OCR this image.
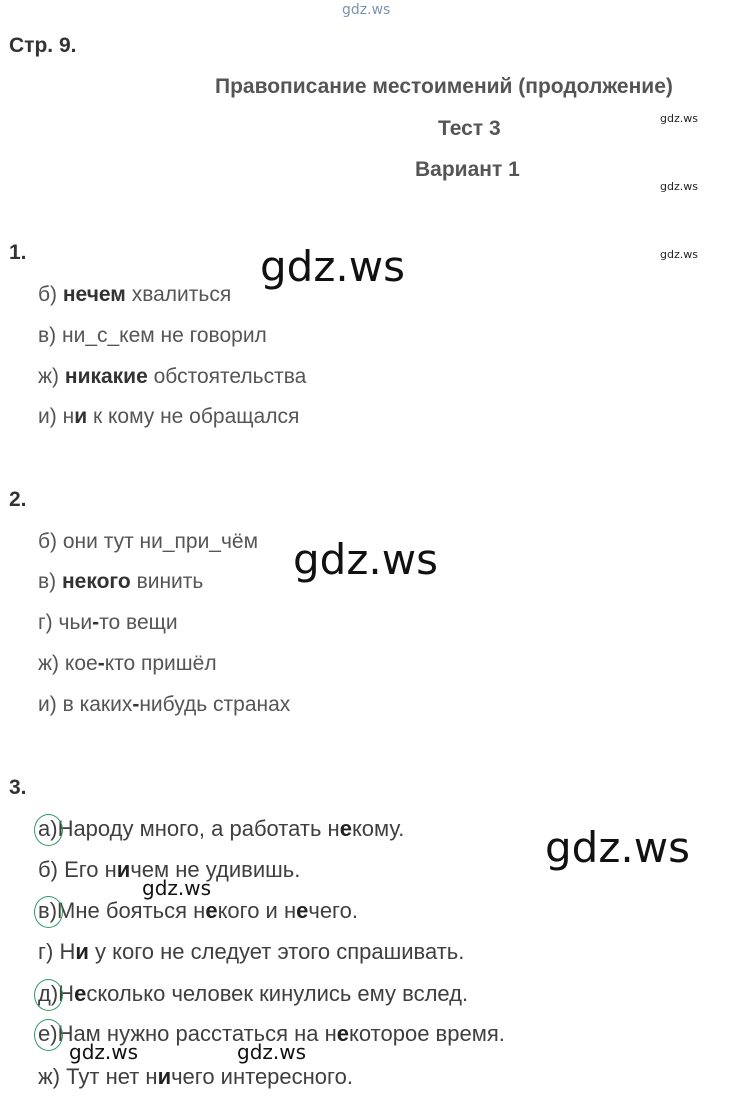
gdz.ws
gdz.ws
gdz.ws
gdz.ws
gdz.ws
gdz.ws
gdz.ws
gdz.ws
gdz.ws	gdz.ws
Стр. 9.
Правописание местоимений (продолжение)
Тест 3
Вариант 1
1.
б) нечем хвалиться
в) ни_с_кем не говорил
ж) никакие обстоятельства
и) ни к кому не обращался
2.
б) они тут ни_при_чём
в) некого винить
г) чьи-то вещи
ж) кое-кто пришёл
и) в каких-нибудь странах
3.
а)Народу много, а работать некому.
б) Его ничем не удивишь.
в)Мне бояться некого и нечего.
г) Ни у кого не следует этого спрашивать.
д)Несколько человек кинулись ему вслед.
е)Нам нужно расстаться на некоторое время.
ж) Тут нет ничего интересного.
